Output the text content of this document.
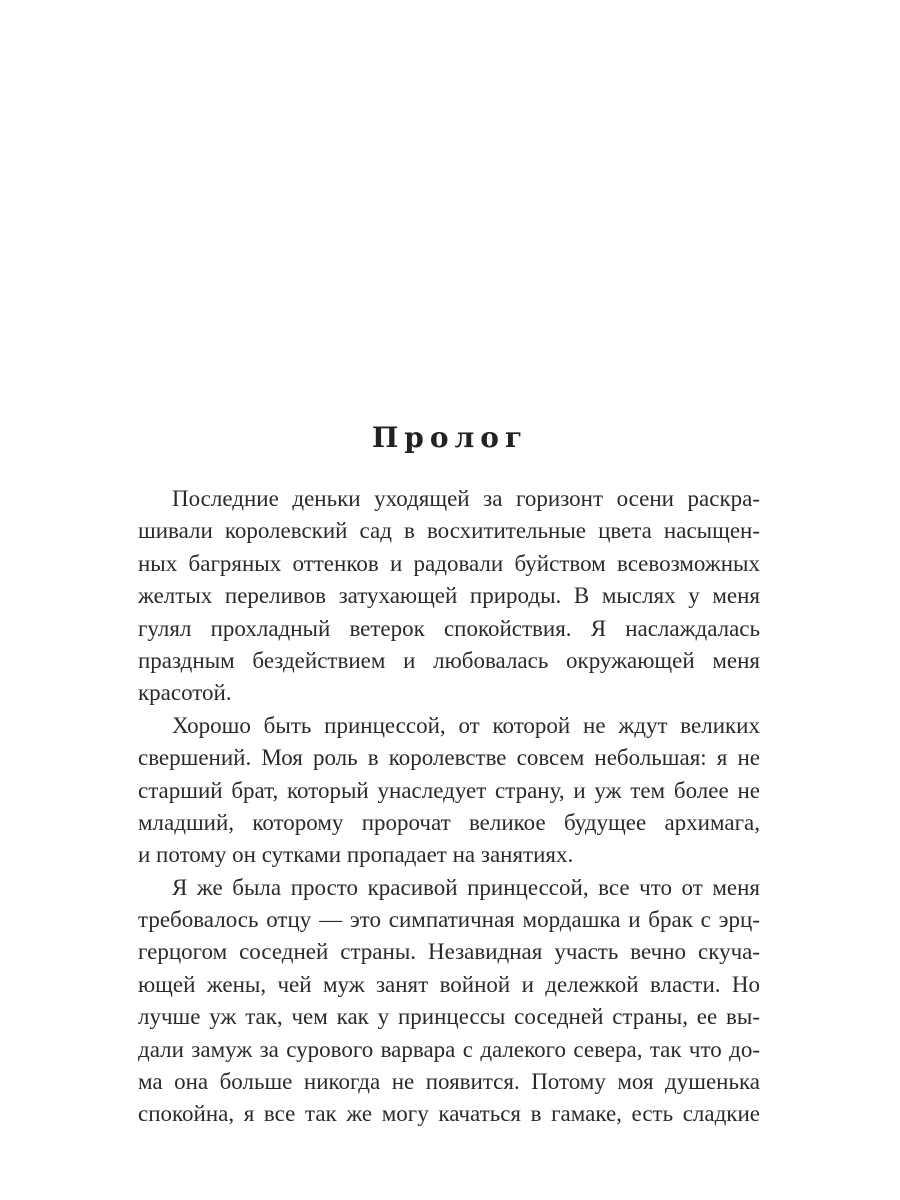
Пролог
Последние деньки уходящей за горизонт осени раскра-
шивали королевский сад в восхитительные цвета насыщен-
ных багряных оттенков и радовали буйством всевозможных
желтых переливов затухающей природы. В мыслях у меня
гулял прохладный ветерок спокойствия. Я наслаждалась
праздным бездействием и любовалась окружающей меня
красотой.
Хорошо быть принцессой, от которой не ждут великих
свершений. Моя роль в королевстве совсем небольшая: я не
старший брат, который унаследует страну, и уж тем более не
младший, которому пророчат великое будущее архимага,
и потому он сутками пропадает на занятиях.
Я же была просто красивой принцессой, все что от меня
требовалось отцу — это симпатичная мордашка и брак с эрц-
герцогом соседней страны. Незавидная участь вечно скуча-
ющей жены, чей муж занят войной и дележкой власти. Но
лучше уж так, чем как у принцессы соседней страны, ее вы-
дали замуж за сурового варвара с далекого севера, так что до-
ма она больше никогда не появится. Потому моя душенька
спокойна, я все так же могу качаться в гамаке, есть сладкие
